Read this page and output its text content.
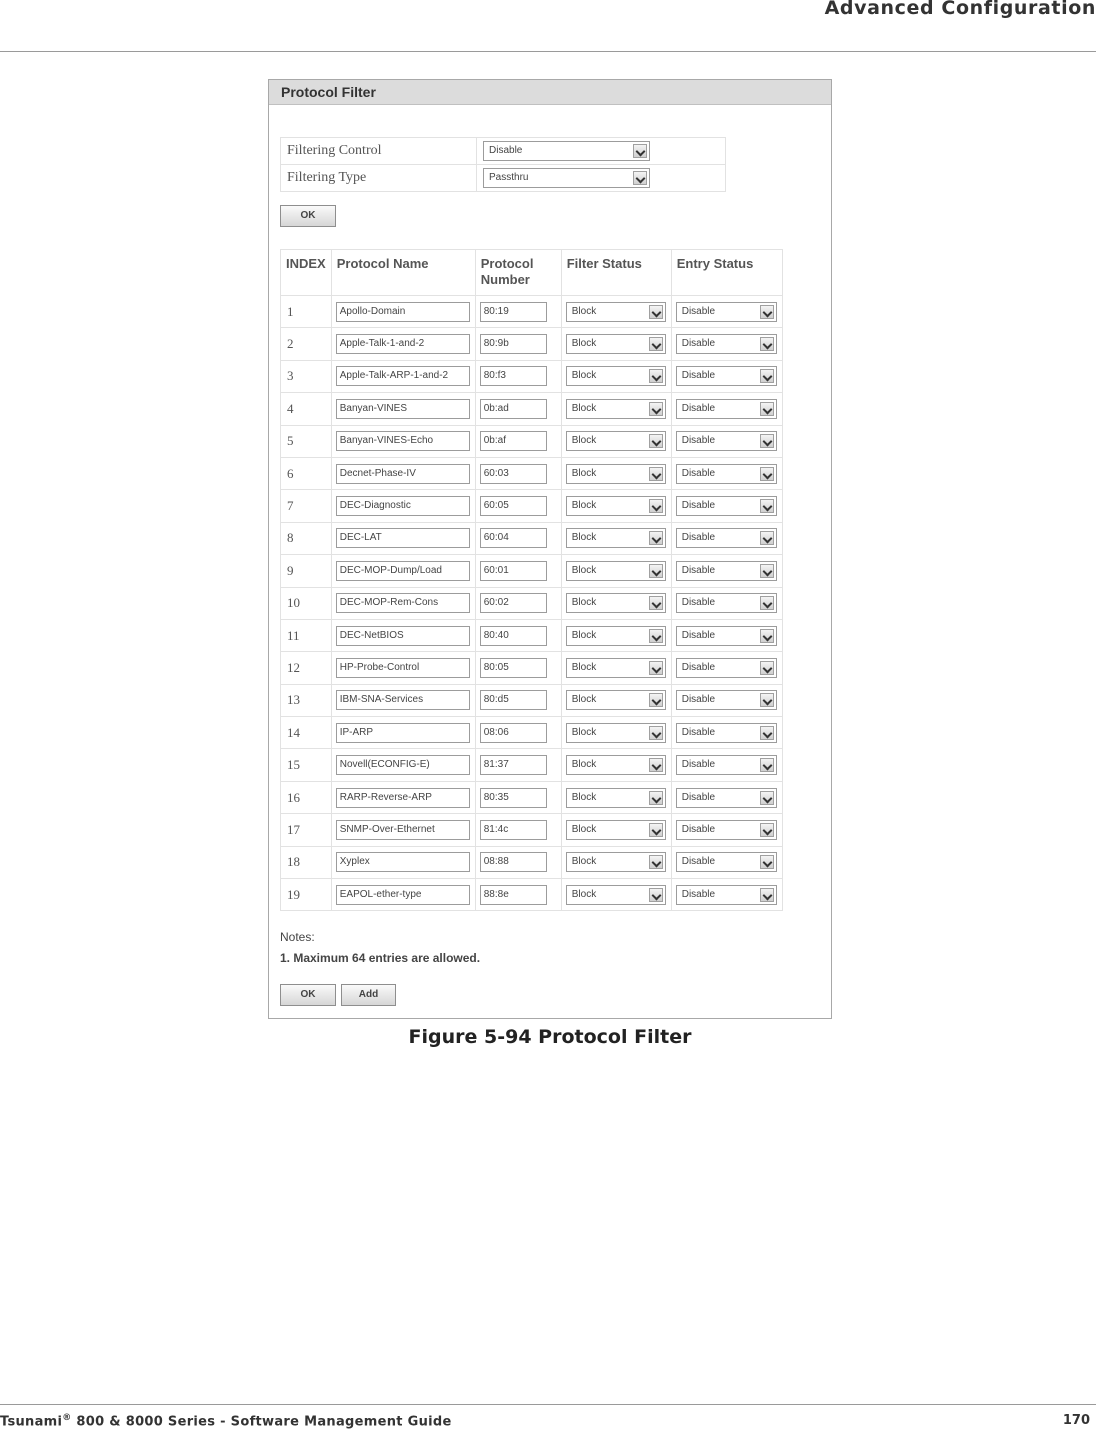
Advanced Configuration
Protocol Filter
Filtering Control	Disable

Filtering Type	Passthru
OK
INDEX	Protocol Name	Protocol Number	Filter Status	Entry Status
1	Apollo-Domain	80:19	Block	Disable

2	Apple-Talk-1-and-2	80:9b	Block	Disable

3	Apple-Talk-ARP-1-and-2	80:f3	Block	Disable

4	Banyan-VINES	0b:ad	Block	Disable

5	Banyan-VINES-Echo	0b:af	Block	Disable

6	Decnet-Phase-IV	60:03	Block	Disable

7	DEC-Diagnostic	60:05	Block	Disable

8	DEC-LAT	60:04	Block	Disable

9	DEC-MOP-Dump/Load	60:01	Block	Disable

10	DEC-MOP-Rem-Cons	60:02	Block	Disable

11	DEC-NetBIOS	80:40	Block	Disable

12	HP-Probe-Control	80:05	Block	Disable

13	IBM-SNA-Services	80:d5	Block	Disable

14	IP-ARP	08:06	Block	Disable

15	Novell(ECONFIG-E)	81:37	Block	Disable

16	RARP-Reverse-ARP	80:35	Block	Disable

17	SNMP-Over-Ethernet	81:4c	Block	Disable

18	Xyplex	08:88	Block	Disable

19	EAPOL-ether-type	88:8e	Block	Disable
Notes:
1. Maximum 64 entries are allowed.
OK	Add
Figure 5-94 Protocol Filter
Tsunami® 800 & 8000 Series - Software Management Guide	170
